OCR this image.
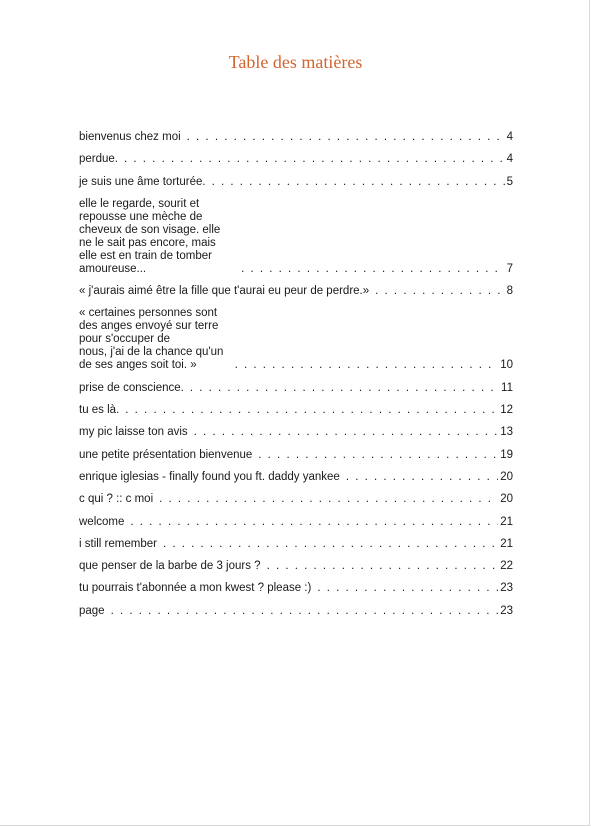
Table des matières
bienvenus chez moi . . .	4
perdue. . . .	4
je suis une âme torturée. . . .	5
elle le regarde, sourit et repousse une mèche de cheveux de son visage. elle
ne le sait pas encore, mais elle est en train de tomber amoureuse... . . .	7
« j'aurais aimé être la fille que t'aurai eu peur de perdre.» . . .	8
« certaines personnes sont des anges envoyé sur terre pour s'occuper de
nous, j'ai de la chance qu'un de ses anges soit toi. » . . .	10
prise de conscience. . . .	11
tu es là. . . .	12
my pic laisse ton avis . . .	13
une petite présentation bienvenue . . .	19
enrique iglesias - finally found you ft. daddy yankee . . .	20
c qui ? :: c moi . . .	20
welcome . . .	21
i still remember . . .	21
que penser de la barbe de 3 jours ? . . .	22
tu pourrais t'abonnée a mon kwest ? please :) . . .	23
page . . .	23
